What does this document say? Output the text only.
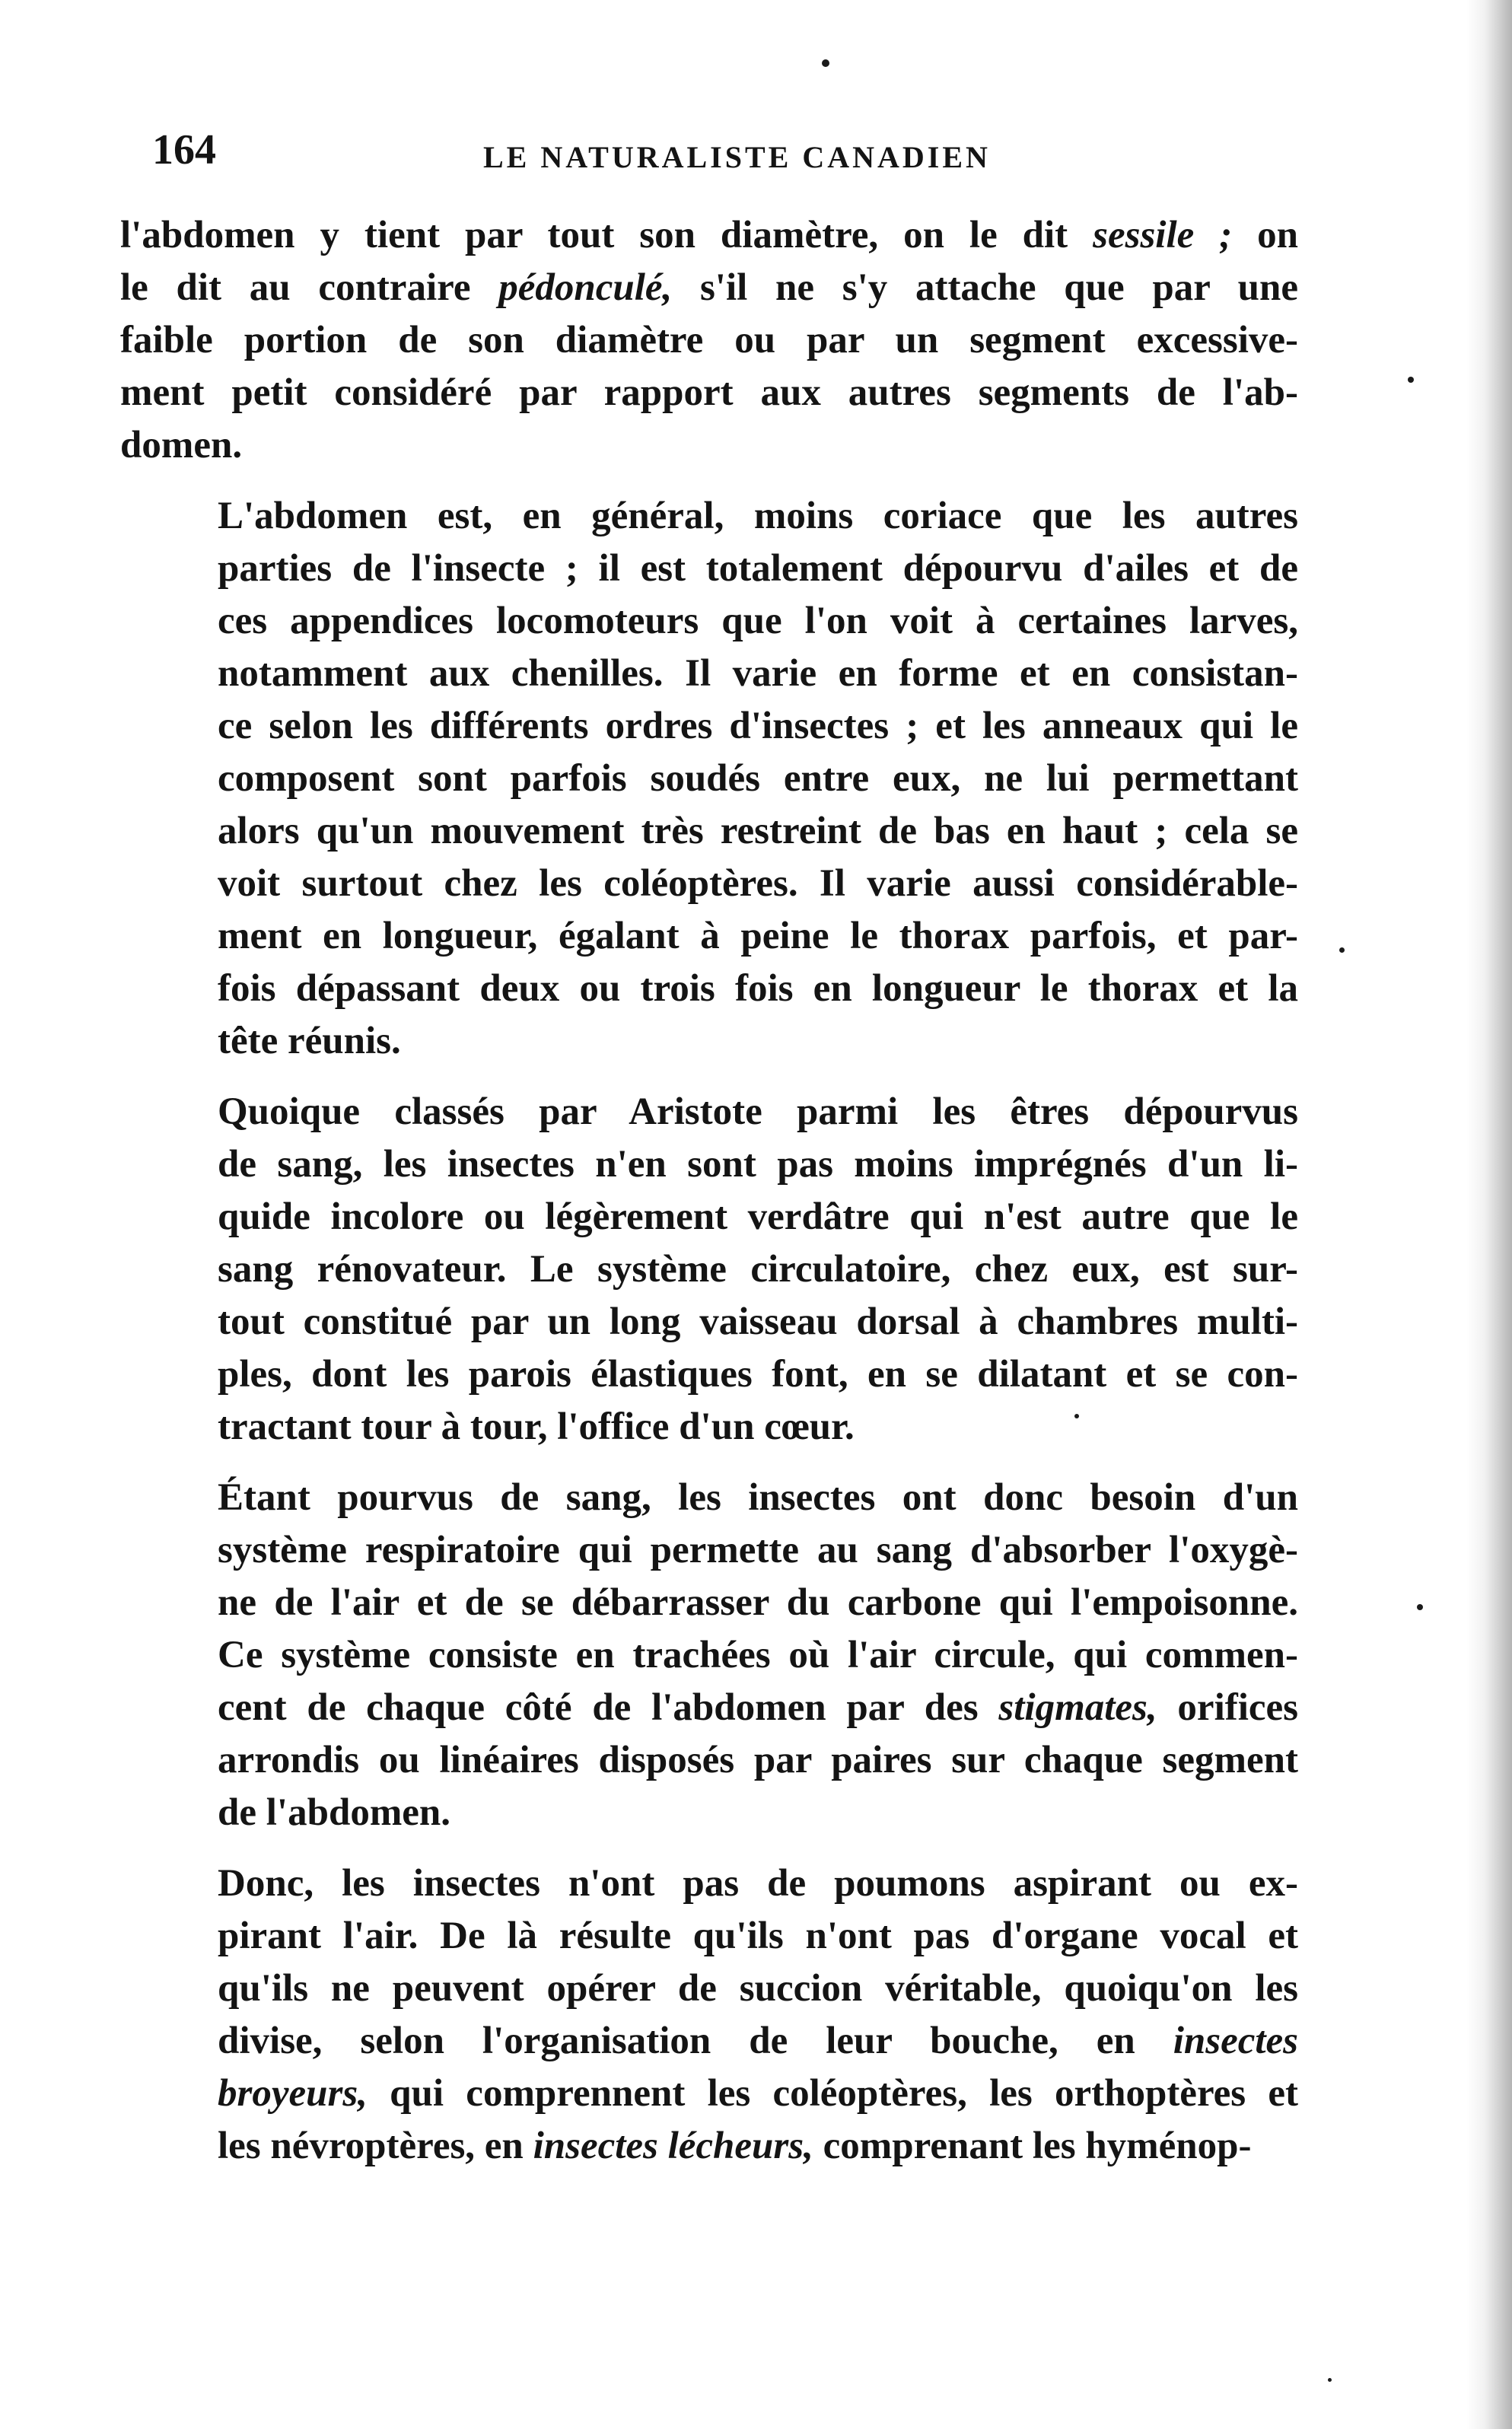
164	LE NATURALISTE CANADIEN

l'abdomen y tient par tout son diamètre, on le dit sessile ; on
le dit au contraire pédonculé, s'il ne s'y attache que par une
faible portion de son diamètre ou par un segment excessive-
ment petit considéré par rapport aux autres segments de l'ab-
domen.

L'abdomen est, en général, moins coriace que les autres
parties de l'insecte ; il est totalement dépourvu d'ailes et de
ces appendices locomoteurs que l'on voit à certaines larves,
notamment aux chenilles. Il varie en forme et en consistan-
ce selon les différents ordres d'insectes ; et les anneaux qui le
composent sont parfois soudés entre eux, ne lui permettant
alors qu'un mouvement très restreint de bas en haut ; cela se
voit surtout chez les coléoptères. Il varie aussi considérable-
ment en longueur, égalant à peine le thorax parfois, et par-
fois dépassant deux ou trois fois en longueur le thorax et la
tête réunis.

Quoique classés par Aristote parmi les êtres dépourvus
de sang, les insectes n'en sont pas moins imprégnés d'un li-
quide incolore ou légèrement verdâtre qui n'est autre que le
sang rénovateur. Le système circulatoire, chez eux, est sur-
tout constitué par un long vaisseau dorsal à chambres multi-
ples, dont les parois élastiques font, en se dilatant et se con-
tractant tour à tour, l'office d'un cœur.

Étant pourvus de sang, les insectes ont donc besoin d'un
système respiratoire qui permette au sang d'absorber l'oxygè-
ne de l'air et de se débarrasser du carbone qui l'empoisonne.
Ce système consiste en trachées où l'air circule, qui commen-
cent de chaque côté de l'abdomen par des stigmates, orifices
arrondis ou linéaires disposés par paires sur chaque segment
de l'abdomen.

Donc, les insectes n'ont pas de poumons aspirant ou ex-
pirant l'air. De là résulte qu'ils n'ont pas d'organe vocal et
qu'ils ne peuvent opérer de succion véritable, quoiqu'on les
divise, selon l'organisation de leur bouche, en insectes
broyeurs, qui comprennent les coléoptères, les orthoptères et
les névroptères, en insectes lécheurs, comprenant les hyménop-
